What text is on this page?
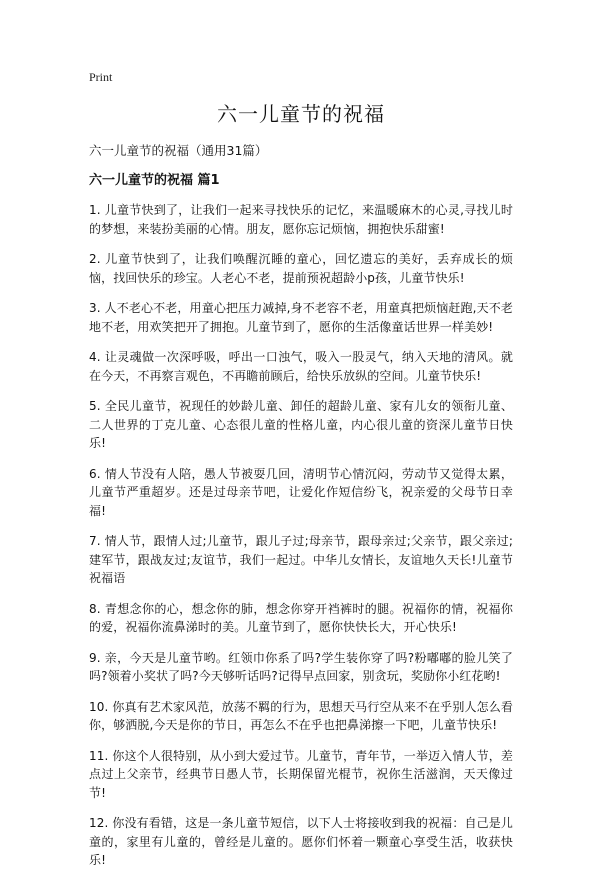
Print
六一儿童节的祝福
六一儿童节的祝福（通用31篇）
六一儿童节的祝福 篇1

1. 儿童节快到了，让我们一起来寻找快乐的记忆，来温暖麻木的心灵,寻找儿时的梦想，来装扮美丽的心情。朋友，愿你忘记烦恼，拥抱快乐甜蜜!

2. 儿童节快到了，让我们唤醒沉睡的童心，回忆遗忘的美好，丢弃成长的烦恼，找回快乐的珍宝。人老心不老，提前预祝超龄小p孩，儿童节快乐!

3. 人不老心不老，用童心把压力减掉,身不老容不老，用童真把烦恼赶跑,天不老地不老，用欢笑把开了拥抱。儿童节到了，愿你的生活像童话世界一样美妙!

4. 让灵魂做一次深呼吸，呼出一口浊气，吸入一股灵气，纳入天地的清风。就在今天，不再察言观色，不再瞻前顾后，给快乐放纵的空间。儿童节快乐!

5. 全民儿童节，祝现任的妙龄儿童、卸任的超龄儿童、家有儿女的领衔儿童、二人世界的丁克儿童、心态很儿童的性格儿童，内心很儿童的资深儿童节日快乐!

6. 情人节没有人陪，愚人节被耍几回，清明节心情沉闷，劳动节又觉得太累，儿童节严重超岁。还是过母亲节吧，让爱化作短信纷飞，祝亲爱的父母节日幸福!

7. 情人节，跟情人过;儿童节，跟儿子过;母亲节，跟母亲过;父亲节，跟父亲过;建军节，跟战友过;友谊节，我们一起过。中华儿女情长，友谊地久天长!儿童节祝福语

8. 青想念你的心，想念你的肺，想念你穿开裆裤时的腿。祝福你的情，祝福你的爱，祝福你流鼻涕时的美。儿童节到了，愿你快快长大，开心快乐!

9. 亲，今天是儿童节哟。红领巾你系了吗?学生装你穿了吗?粉嘟嘟的脸儿笑了吗?领着小奖状了吗?今天够听话吗?记得早点回家，别贪玩，奖励你小红花哟!

10. 你真有艺术家风范，放荡不羁的行为，思想天马行空从来不在乎别人怎么看你，够洒脱,今天是你的节日，再怎么不在乎也把鼻涕擦一下吧，儿童节快乐!

11. 你这个人很特别，从小到大爱过节。儿童节，青年节，一举迈入情人节，差点过上父亲节，经典节日愚人节，长期保留光棍节，祝你生活滋润，天天像过节!

12. 你没有看错，这是一条儿童节短信，以下人士将接收到我的祝福：自己是儿童的，家里有儿童的，曾经是儿童的。愿你们怀着一颗童心享受生活，收获快乐!
